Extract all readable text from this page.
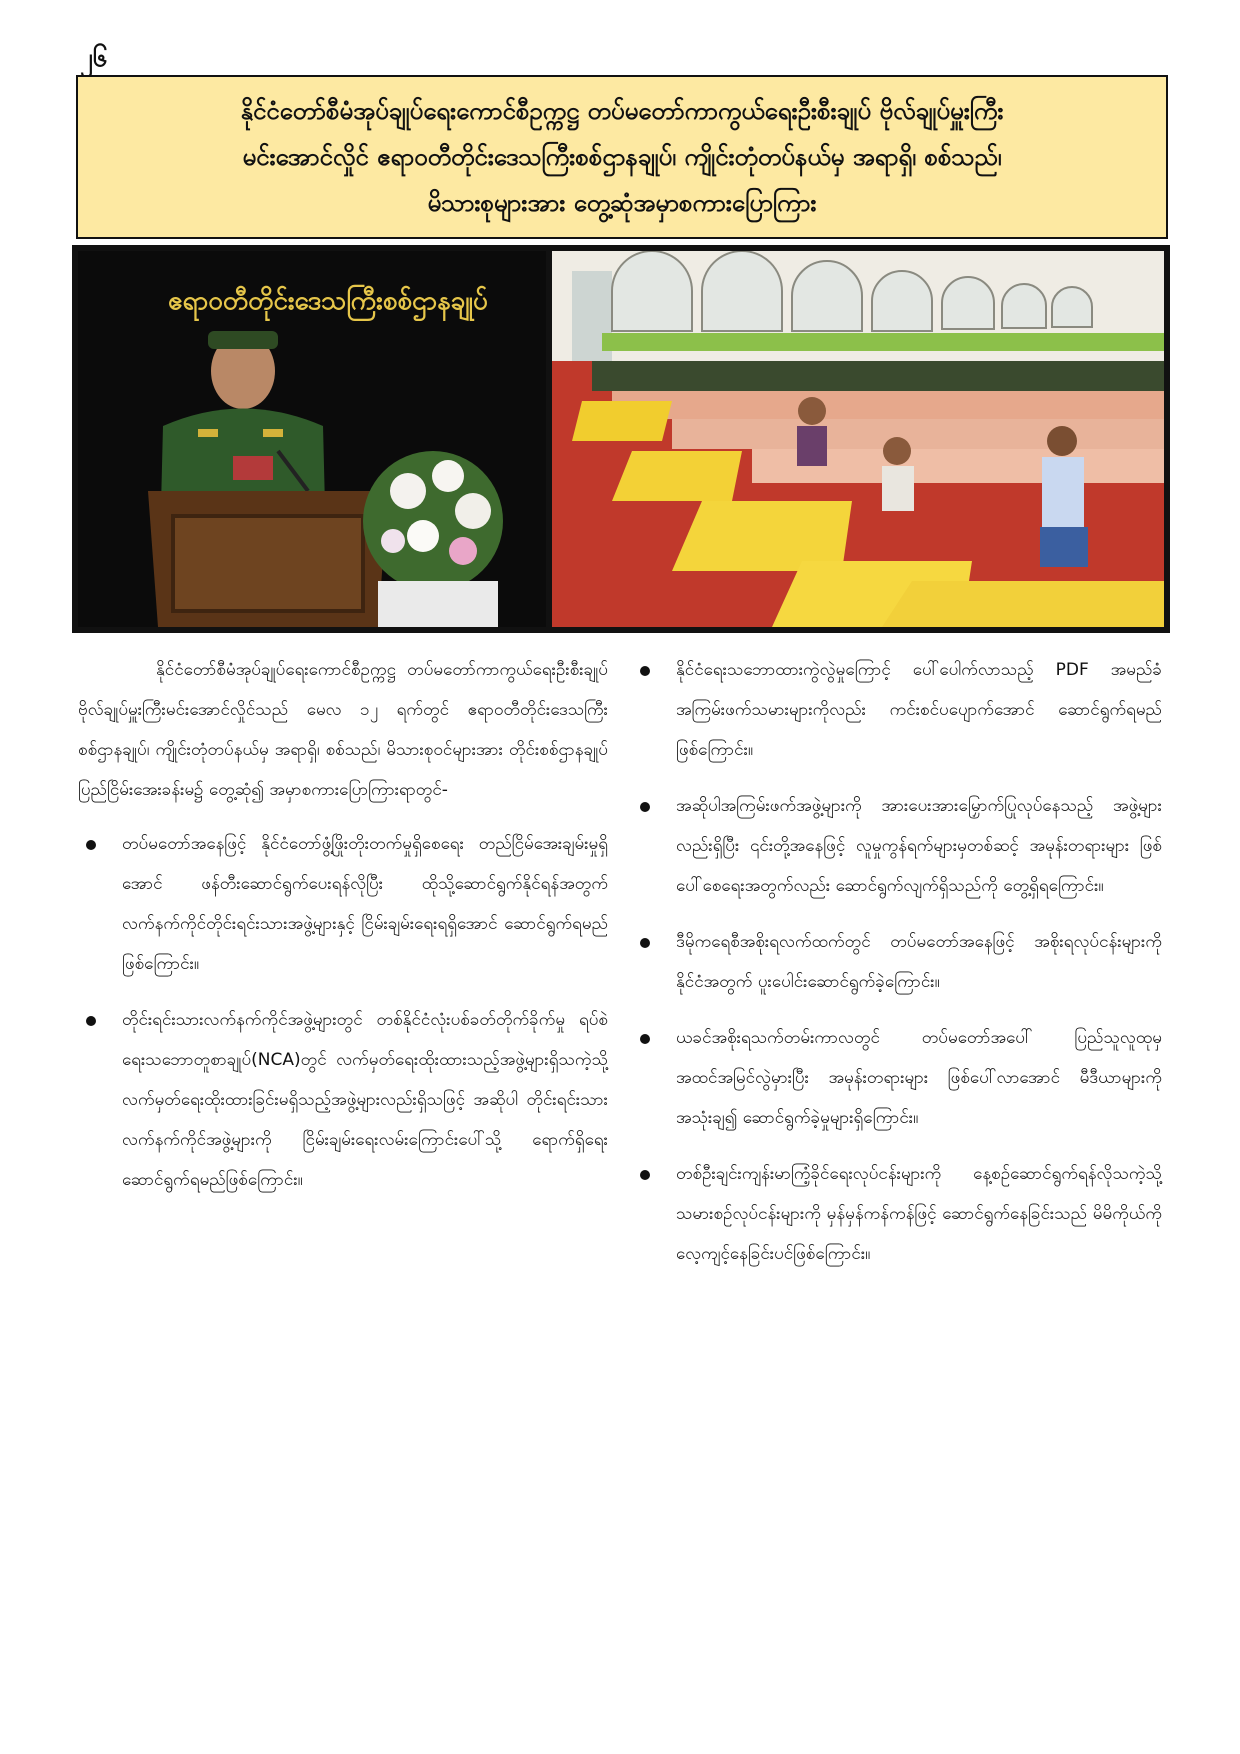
၂၆
နိုင်ငံတော်စီမံအုပ်ချုပ်ရေးကောင်စီဥက္ကဋ္ဌ တပ်မတော်ကာကွယ်ရေးဦးစီးချုပ် ဗိုလ်ချုပ်မှူးကြီး
မင်းအောင်လှိုင် ဧရာဝတီတိုင်းဒေသကြီးစစ်ဌာနချုပ်၊ ကျိုင်းတုံတပ်နယ်မှ အရာရှိ၊ စစ်သည်၊
မိသားစုများအား တွေ့ဆုံအမှာစကားပြောကြား
ဧရာဝတီတိုင်းဒေသကြီးစစ်ဌာနချုပ်

နိုင်ငံတော်စီမံအုပ်ချုပ်ရေးကောင်စီဥက္ကဋ္ဌ တပ်မတော်ကာကွယ်ရေးဦးစီးချုပ် ဗိုလ်ချုပ်မှူးကြီးမင်းအောင်လှိုင်သည် မေလ ၁၂ ရက်တွင် ဧရာဝတီတိုင်းဒေသကြီးစစ်ဌာနချုပ်၊ ကျိုင်းတုံတပ်နယ်မှ အရာရှိ၊ စစ်သည်၊ မိသားစုဝင်များအား တိုင်းစစ်ဌာနချုပ် ပြည်ငြိမ်းအေးခန်းမ၌ တွေ့ဆုံ၍ အမှာစကားပြောကြားရာတွင်-

တပ်မတော်အနေဖြင့် နိုင်ငံတော်ဖွံ့ဖြိုးတိုးတက်မှုရှိစေရေး တည်ငြိမ်အေးချမ်းမှုရှိအောင် ဖန်တီးဆောင်ရွက်ပေးရန်လိုပြီး ထိုသို့ဆောင်ရွက်နိုင်ရန်အတွက် လက်နက်ကိုင်တိုင်းရင်းသားအဖွဲ့များနှင့် ငြိမ်းချမ်းရေးရရှိအောင် ဆောင်ရွက်ရမည်ဖြစ်ကြောင်း။
တိုင်းရင်းသားလက်နက်ကိုင်အဖွဲ့များတွင် တစ်နိုင်ငံလုံးပစ်ခတ်တိုက်ခိုက်မှု ရပ်စဲရေးသဘောတူစာချုပ်(NCA)တွင် လက်မှတ်ရေးထိုးထားသည့်အဖွဲ့များရှိသကဲ့သို့ လက်မှတ်ရေးထိုးထားခြင်းမရှိသည့်အဖွဲ့များလည်းရှိသဖြင့် အဆိုပါ တိုင်းရင်းသား လက်နက်ကိုင်အဖွဲ့များကို ငြိမ်းချမ်းရေးလမ်းကြောင်းပေါ်သို့ ရောက်ရှိရေး ဆောင်ရွက်ရမည်ဖြစ်ကြောင်း။
နိုင်ငံရေးသဘောထားကွဲလွဲမှုကြောင့် ပေါ်ပေါက်လာသည့် PDF အမည်ခံ အကြမ်းဖက်သမားများကိုလည်း ကင်းစင်ပပျောက်အောင် ဆောင်ရွက်ရမည် ဖြစ်ကြောင်း။
အဆိုပါအကြမ်းဖက်အဖွဲ့များကို အားပေးအားမြှောက်ပြုလုပ်နေသည့် အဖွဲ့များလည်းရှိပြီး ၎င်းတို့အနေဖြင့် လူမှုကွန်ရက်များမှတစ်ဆင့် အမုန်းတရားများ ဖြစ်ပေါ်စေရေးအတွက်လည်း ဆောင်ရွက်လျက်ရှိသည်ကို တွေ့ရှိရကြောင်း။
ဒီမိုကရေစီအစိုးရလက်ထက်တွင် တပ်မတော်အနေဖြင့် အစိုးရလုပ်ငန်းများကို နိုင်ငံအတွက် ပူးပေါင်းဆောင်ရွက်ခဲ့ကြောင်း။
ယခင်အစိုးရသက်တမ်းကာလတွင် တပ်မတော်အပေါ် ပြည်သူလူထုမှ အထင်အမြင်လွဲမှားပြီး အမုန်းတရားများ ဖြစ်ပေါ်လာအောင် မီဒီယာများကို အသုံးချ၍ ဆောင်ရွက်ခဲ့မှုများရှိကြောင်း။
တစ်ဦးချင်းကျန်းမာကြံ့ခိုင်ရေးလုပ်ငန်းများကို နေ့စဉ်ဆောင်ရွက်ရန်လိုသကဲ့သို့ သမားစဉ်လုပ်ငန်းများကို မှန်မှန်ကန်ကန်ဖြင့် ဆောင်ရွက်နေခြင်းသည် မိမိကိုယ်ကို လေ့ကျင့်နေခြင်းပင်ဖြစ်ကြောင်း။
